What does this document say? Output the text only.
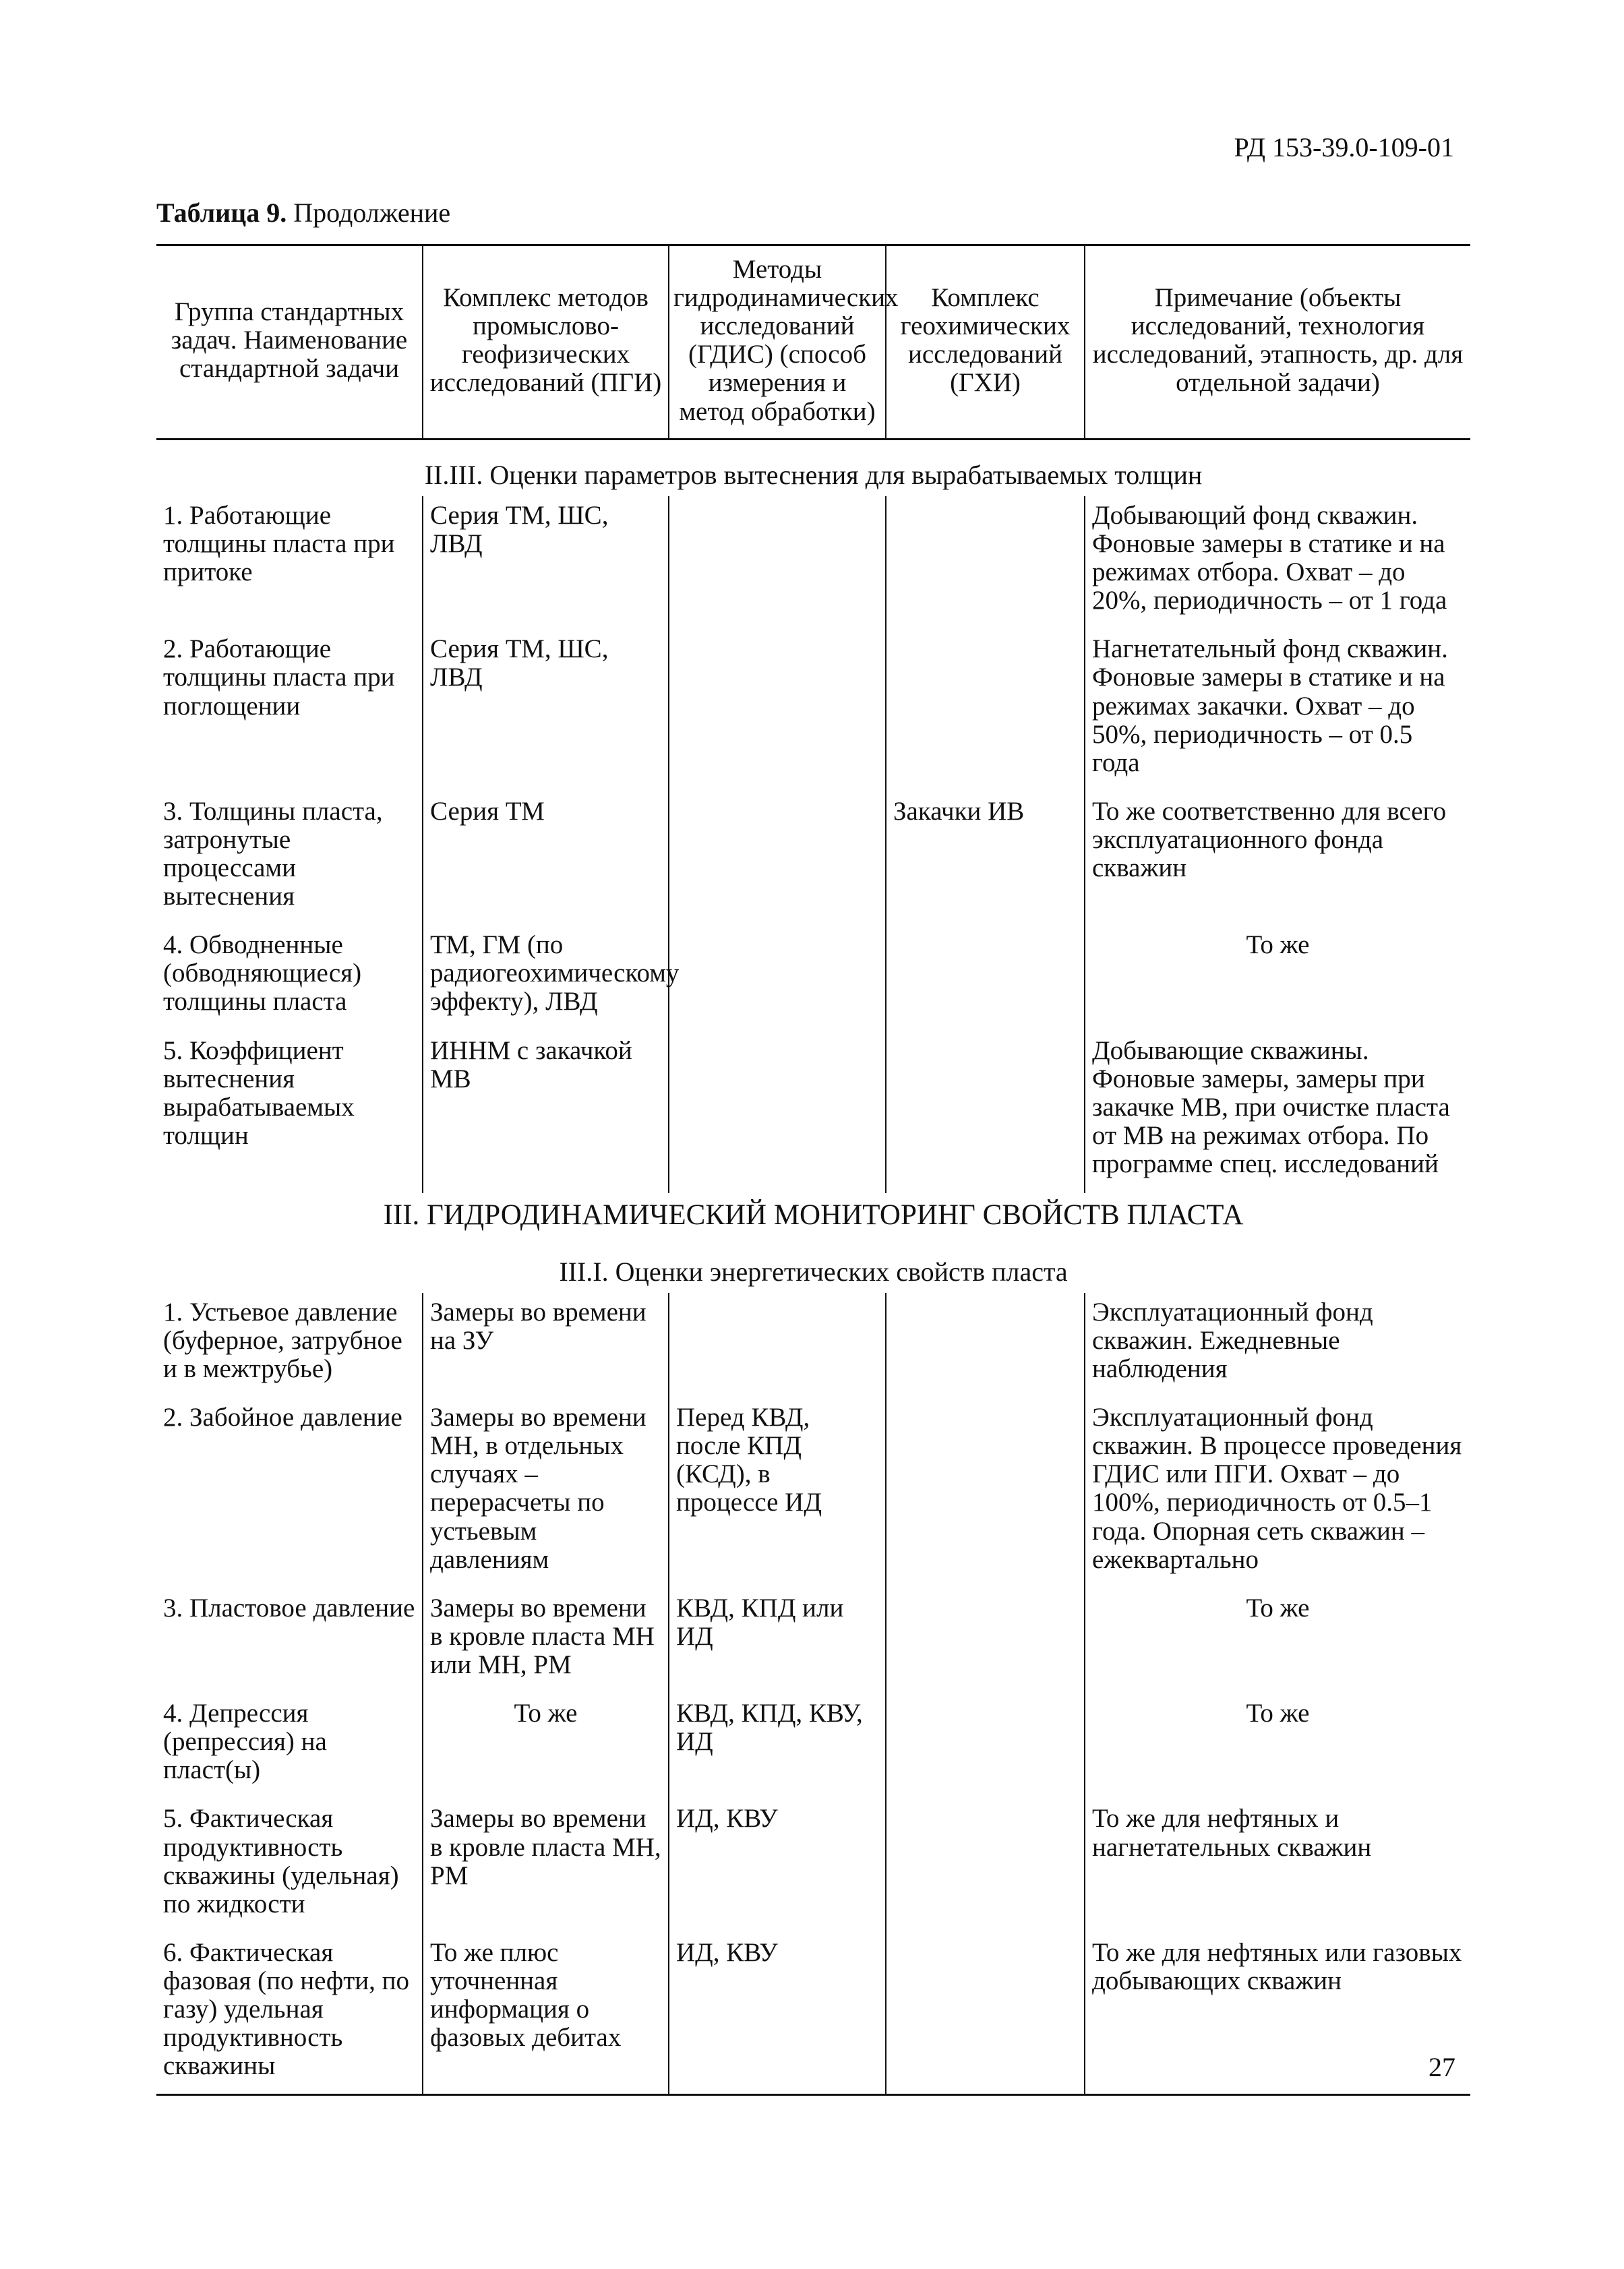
РД 153-39.0-109-01
Таблица 9. Продолжение
Группа стандартных задач. Наименование стандартной задачи	Комплекс методов промыслово-геофизических исследований (ПГИ)	Методы гидродинамических исследований (ГДИС) (способ измерения и метод обработки)	Комплекс геохимических исследований (ГХИ)	Примечание (объекты исследований, технология исследований, этапность, др. для отдельной задачи)
II.III. Оценки параметров вытеснения для вырабатываемых толщин				
1. Работающие толщины пласта при притоке	Серия ТМ, ШС, ЛВД			Добывающий фонд скважин. Фоновые замеры в статике и на режимах отбора. Охват – до 20%, периодичность – от 1 года
2. Работающие толщины пласта при поглощении	Серия ТМ, ШС, ЛВД			Нагнетательный фонд скважин. Фоновые замеры в статике и на режимах закачки. Охват – до 50%, периодичность – от 0.5 года
3. Толщины пласта, затронутые процессами вытеснения	Серия ТМ		Закачки ИВ	То же соответственно для всего эксплуатационного фонда скважин
4. Обводненные (обводняющиеся) толщины пласта	ТМ, ГМ (по радиогеохимическому эффекту), ЛВД			То же
5. Коэффициент вытеснения вырабатываемых толщин	ИННМ с закачкой МВ			Добывающие скважины. Фоновые замеры, замеры при закачке МВ, при очистке пласта от МВ на режимах отбора. По программе спец. исследований
III. ГИДРОДИНАМИЧЕСКИЙ МОНИТОРИНГ СВОЙСТВ ПЛАСТА				
III.I. Оценки энергетических свойств пласта				
1. Устьевое давление (буферное, затрубное и в межтрубье)	Замеры во времени на ЗУ			Эксплуатационный фонд скважин. Ежедневные наблюдения
2. Забойное давление	Замеры во времени МН, в отдельных случаях – перерасчеты по устьевым давлениям	Перед КВД, после КПД (КСД), в процессе ИД		Эксплуатационный фонд скважин. В процессе проведения ГДИС или ПГИ. Охват – до 100%, периодичность от 0.5–1 года. Опорная сеть скважин – ежеквартально
3. Пластовое давление	Замеры во времени в кровле пласта МН или МН, РМ	КВД, КПД или ИД		То же
4. Депрессия (репрессия) на пласт(ы)	То же	КВД, КПД, КВУ, ИД		То же
5. Фактическая продуктивность скважины (удельная) по жидкости	Замеры во времени в кровле пласта МН, РМ	ИД, КВУ		То же для нефтяных и нагнетательных скважин
6. Фактическая фазовая (по нефти, по газу) удельная продуктивность скважины	То же плюс уточненная информация о фазовых дебитах	ИД, КВУ		То же для нефтяных или газовых добывающих скважин
27
